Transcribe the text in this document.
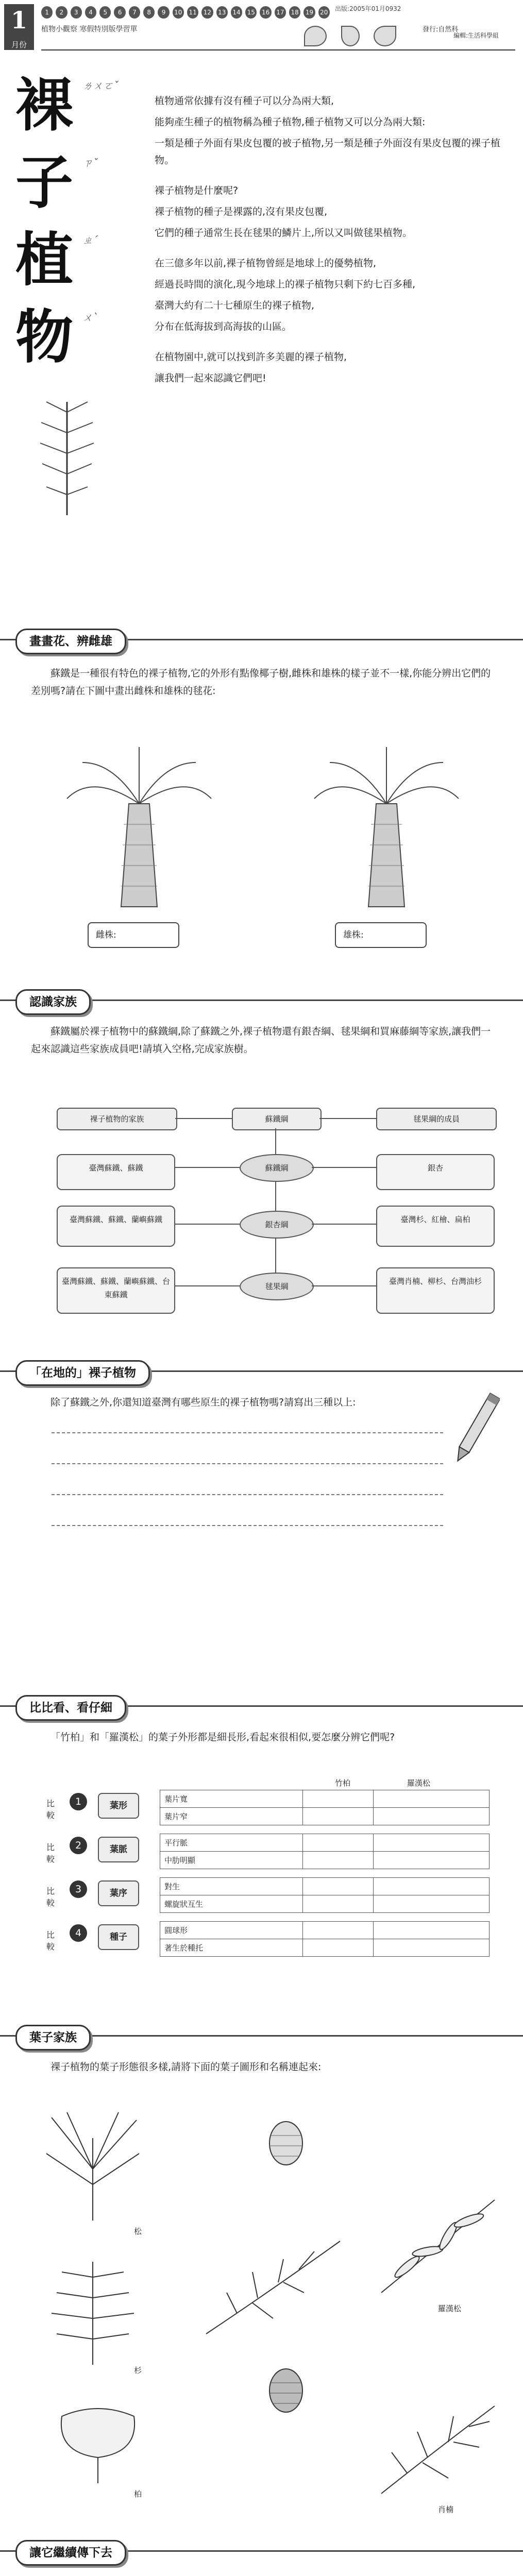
1
月份
1	2	3	4	5	6	7	8	9	10 11 12 13 14 15 16 17 18 19 20
植物小觀察 寒假特別版學習單
出版:2005年01月0932
發行:自然科
編輯:生活科學組
裸
子
植
物
ㄌㄨㄛˇ
ㄗˇ
ㄓˊ
ㄨˋ

植物通常依據有沒有種子可以分為兩大類,

能夠產生種子的植物稱為種子植物,種子植物又可以分為兩大類:

一類是種子外面有果皮包覆的被子植物,另一類是種子外面沒有果皮包覆的裸子植物。

裸子植物是什麼呢?

裸子植物的種子是裸露的,沒有果皮包覆,

它們的種子通常生長在毬果的鱗片上,所以又叫做毬果植物。

在三億多年以前,裸子植物曾經是地球上的優勢植物,

經過長時間的演化,現今地球上的裸子植物只剩下約七百多種,

臺灣大約有二十七種原生的裸子植物,

分布在低海拔到高海拔的山區。

在植物園中,就可以找到許多美麗的裸子植物,

讓我們一起來認識它們吧!

畫畫花、辨雌雄
蘇鐵是一種很有特色的裸子植物,它的外形有點像椰子樹,雌株和雄株的樣子並不一樣,你能分辨出它們的差別嗎?請在下圖中畫出雌株和雄株的毬花:
雌株:	雄株:
認識家族
蘇鐵屬於裸子植物中的蘇鐵綱,除了蘇鐵之外,裸子植物還有銀杏綱、毬果綱和買麻藤綱等家族,讓我們一起來認識這些家族成員吧!請填入空格,完成家族樹。
裸子植物的家族	蘇鐵綱	毬果綱的成員
臺灣蘇鐵、蘇鐵
臺灣蘇鐵、蘇鐵、蘭嶼蘇鐵
臺灣蘇鐵、蘇鐵、蘭嶼蘇鐵、台東蘇鐵
蘇鐵綱
銀杏綱
毬果綱
銀杏
臺灣杉、紅檜、扁柏
臺灣肖楠、柳杉、台灣油杉
「在地的」裸子植物
除了蘇鐵之外,你還知道臺灣有哪些原生的裸子植物嗎?請寫出三種以上:
比比看、看仔細
「竹柏」和「羅漢松」的葉子外形都是細長形,看起來很相似,要怎麼分辨它們呢?
竹柏	羅漢松
比較
1	葉形
葉片寬		
葉片窄		
比較
2	葉脈
平行脈		
中肋明顯		
比較
3	葉序
對生		
螺旋狀互生		
比較
4	種子
圓球形		
著生於種托		
葉子家族
裸子植物的葉子形態很多樣,請將下面的葉子圖形和名稱連起來:
松
羅漢松
杉
柏
肖楠
讓它繼續傳下去
